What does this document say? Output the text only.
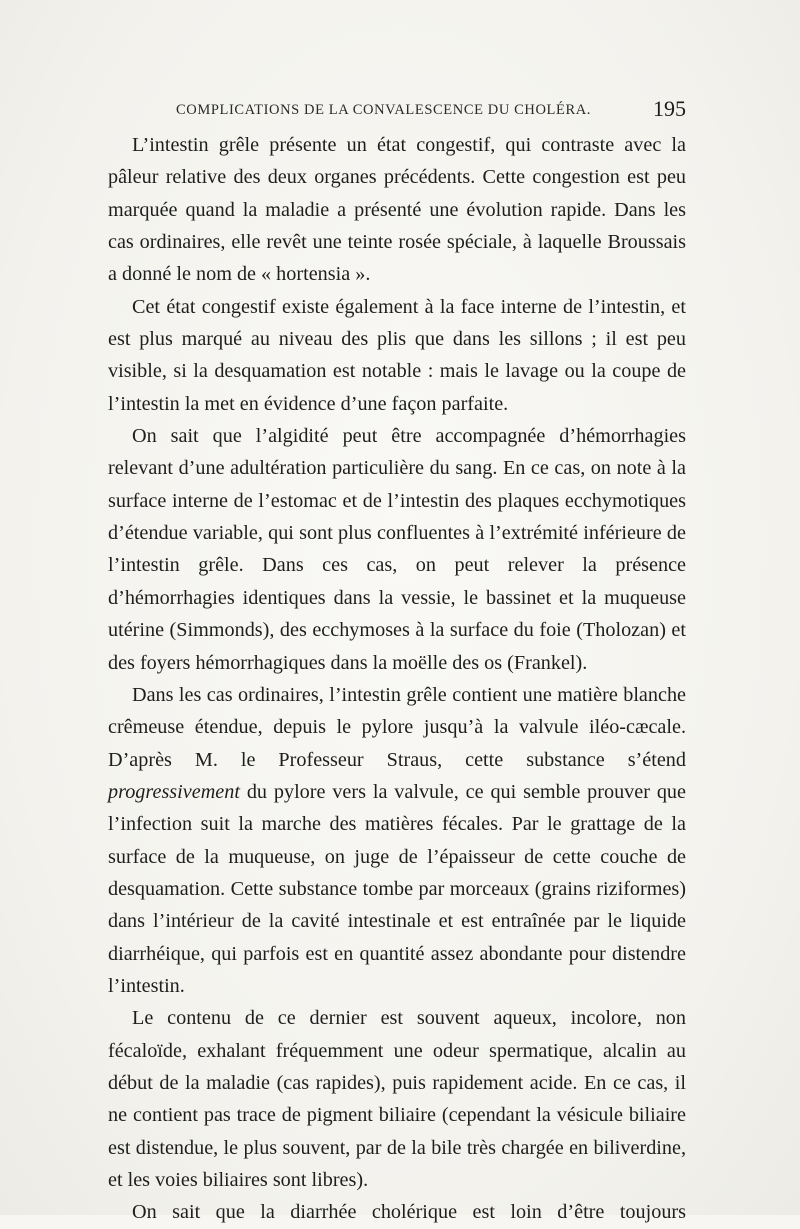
COMPLICATIONS DE LA CONVALESCENCE DU CHOLÉRA.	195

L’intestin grêle présente un état congestif, qui contraste avec la pâleur relative des deux organes précédents. Cette congestion est peu marquée quand la maladie a présenté une évolution rapide. Dans les cas ordinaires, elle revêt une teinte rosée spéciale, à laquelle Broussais a donné le nom de « hortensia ».

Cet état congestif existe également à la face interne de l’intestin, et est plus marqué au niveau des plis que dans les sillons ; il est peu visible, si la desquamation est notable : mais le lavage ou la coupe de l’intestin la met en évidence d’une façon parfaite.

On sait que l’algidité peut être accompagnée d’hémorrhagies relevant d’une adultération particulière du sang. En ce cas, on note à la surface interne de l’estomac et de l’intestin des plaques ecchymotiques d’étendue variable, qui sont plus confluentes à l’extrémité inférieure de l’intestin grêle. Dans ces cas, on peut relever la présence d’hémorrhagies identiques dans la vessie, le bassinet et la muqueuse utérine (Simmonds), des ecchymoses à la surface du foie (Tholozan) et des foyers hémorrhagiques dans la moëlle des os (Frankel).

Dans les cas ordinaires, l’intestin grêle contient une matière blanche crêmeuse étendue, depuis le pylore jusqu’à la valvule iléo-cæcale. D’après M. le Professeur Straus, cette substance s’étend progressivement du pylore vers la valvule, ce qui semble prouver que l’infection suit la marche des matières fécales. Par le grattage de la surface de la muqueuse, on juge de l’épaisseur de cette couche de desquamation. Cette substance tombe par morceaux (grains riziformes) dans l’intérieur de la cavité intestinale et est entraînée par le liquide diarrhéique, qui parfois est en quantité assez abondante pour distendre l’intestin.

Le contenu de ce dernier est souvent aqueux, incolore, non fécaloïde, exhalant fréquemment une odeur spermatique, alcalin au début de la maladie (cas rapides), puis rapidement acide. En ce cas, il ne contient pas trace de pigment biliaire (cependant la vésicule biliaire est distendue, le plus souvent, par de la bile très chargée en biliverdine, et les voies biliaires sont libres).

On sait que la diarrhée cholérique est loin d’être toujours
